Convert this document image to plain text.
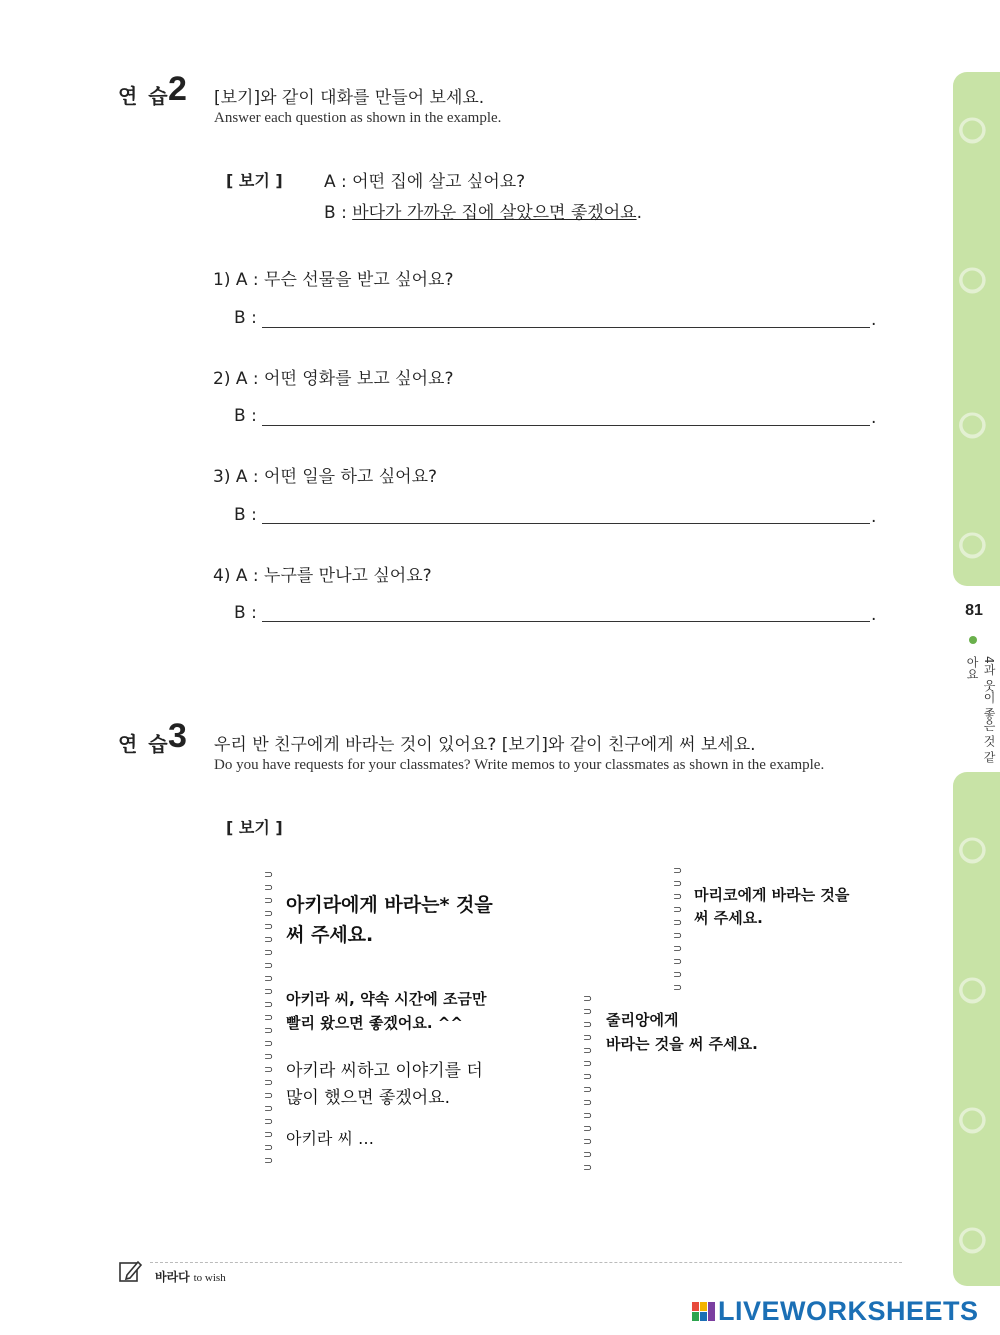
ഠ
ഠ
ഠ
ഠ
ഠ
ഠ
ഠ
ഠ
81
4과 웃이 좋은 것 같아요
연 습
2 [보기]와 같이 대화를 만들어 보세요.
Answer each question as shown in the example.
[ 보기 ] A : 어떤 집에 살고 싶어요?
B : 바다가 가까운 집에 살았으면 좋겠어요.
1) A : 무슨 선물을 받고 싶어요?
B :	.
2) A : 어떤 영화를 보고 싶어요?
B :	.
3) A : 어떤 일을 하고 싶어요?
B :	.
4) A : 누구를 만나고 싶어요?
B :	.
연 습
3 우리 반 친구에게 바라는 것이 있어요? [보기]와 같이 친구에게 써 보세요.
Do you have requests for your classmates? Write memos to your classmates as shown in the example.
[ 보기 ]
⊃
⊃
⊃
⊃
⊃
⊃
⊃
⊃
⊃
⊃
⊃
⊃
⊃
⊃
⊃
⊃
⊃
⊃
⊃
⊃
⊃
⊃
⊃
⊃
⊃
⊃
⊃
⊃
⊃
⊃
⊃
⊃
⊃
⊃
⊃
⊃
⊃
⊃
⊃
⊃
⊃
⊃
⊃
⊃
⊃
⊃
⊃
아키라에게 바라는* 것을
써 주세요.
아키라 씨, 약속 시간에 조금만
빨리 왔으면 좋겠어요. ^^
아키라 씨하고 이야기를 더
많이 했으면 좋겠어요.
아키라 씨 …
마리코에게 바라는 것을
써 주세요.
줄리앙에게
바라는 것을 써 주세요.
바라다 to wish
LIVEWORKSHEETS
